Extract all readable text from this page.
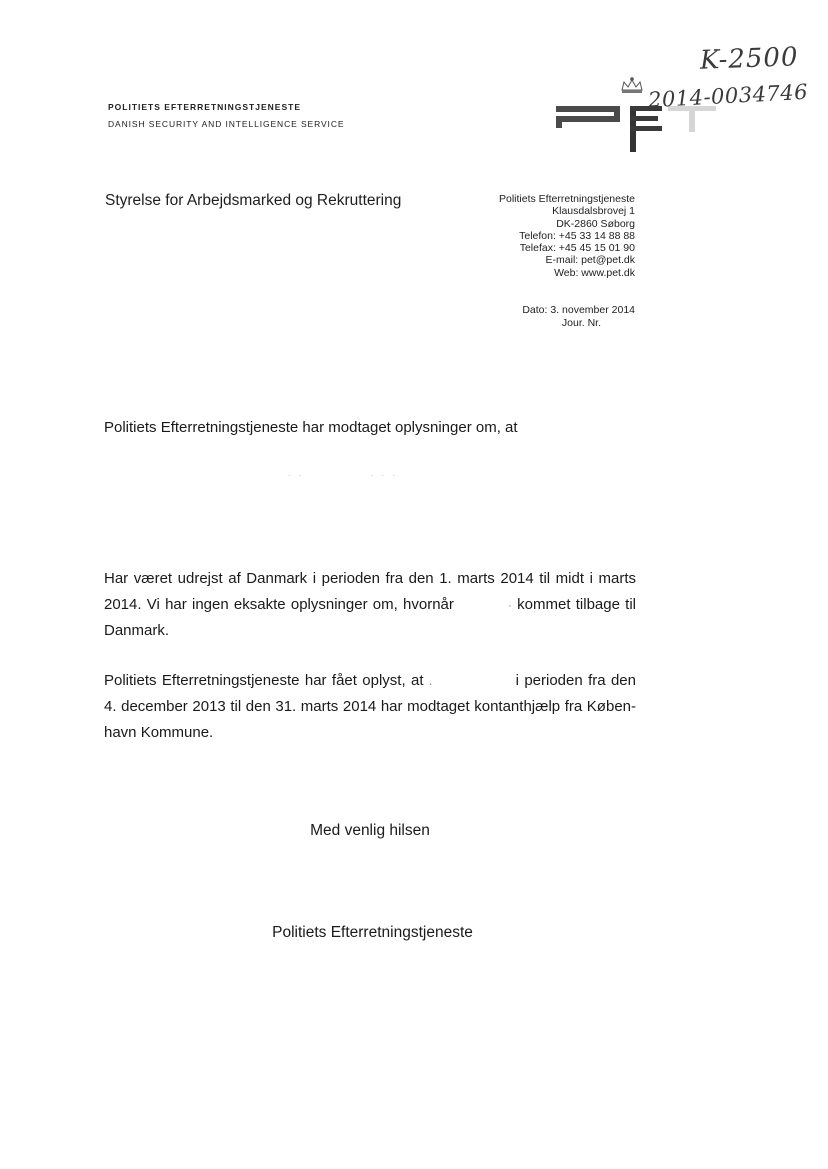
POLITIETS EFTERRETNINGSTJENESTE
DANISH SECURITY AND INTELLIGENCE SERVICE
K-2500
2014-0034746
Styrelse for Arbejdsmarked og Rekruttering	Politiets Efterretningstjeneste
Klausdalsbrovej 1
DK-2860 Søborg
Telefon: +45 33 14 88 88
Telefax: +45 45 15 01 90
E-mail: pet@pet.dk
Web: www.pet.dk
Dato: 3. november 2014
Jour. Nr.
Politiets Efterretningstjeneste har modtaget oplysninger om, at
. .            . . .
Har været udrejst af Danmark i perioden fra den 1. marts 2014 til midt i marts 2014. Vi har ingen eksakte oplysninger om, hvornår	· kommet tilbage til Danmark.
Politiets Efterretningstjeneste har fået oplyst, at .	i perioden fra den 4. december 2013 til den 31. marts 2014 har modtaget kontanthjælp fra Køben-havn Kommune.
Med venlig hilsen
Politiets Efterretningstjeneste
